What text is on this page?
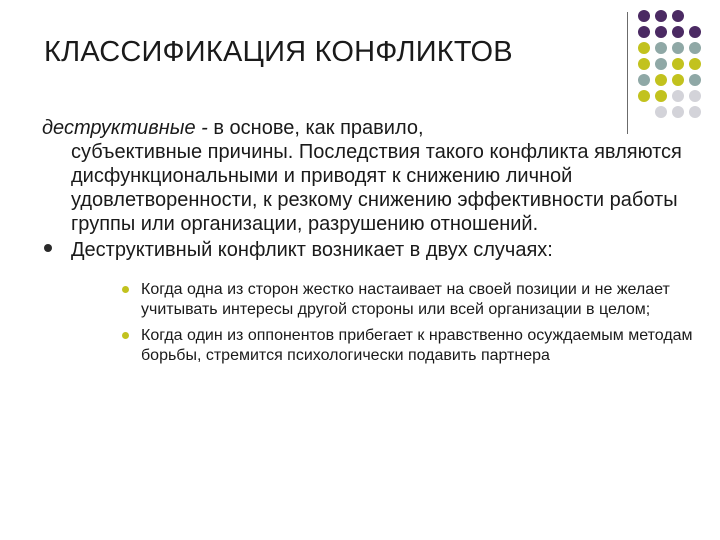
КЛАССИФИКАЦИЯ КОНФЛИКТОВ

деструктивные - в основе, как правило,
субъективные причины. Последствия такого конфликта являются дисфункциональными и приводят к снижению личной удовлетворенности, к резкому снижению эффективности работы группы или организации, разрушению отношений.

Деструктивный конфликт возникает в двух случаях:
Когда одна из сторон жестко настаивает на своей позиции и не желает учитывать интересы другой стороны или всей организации в целом;
Когда один из оппонентов прибегает к нравственно осуждаемым методам борьбы, стремится психологически подавить партнера
